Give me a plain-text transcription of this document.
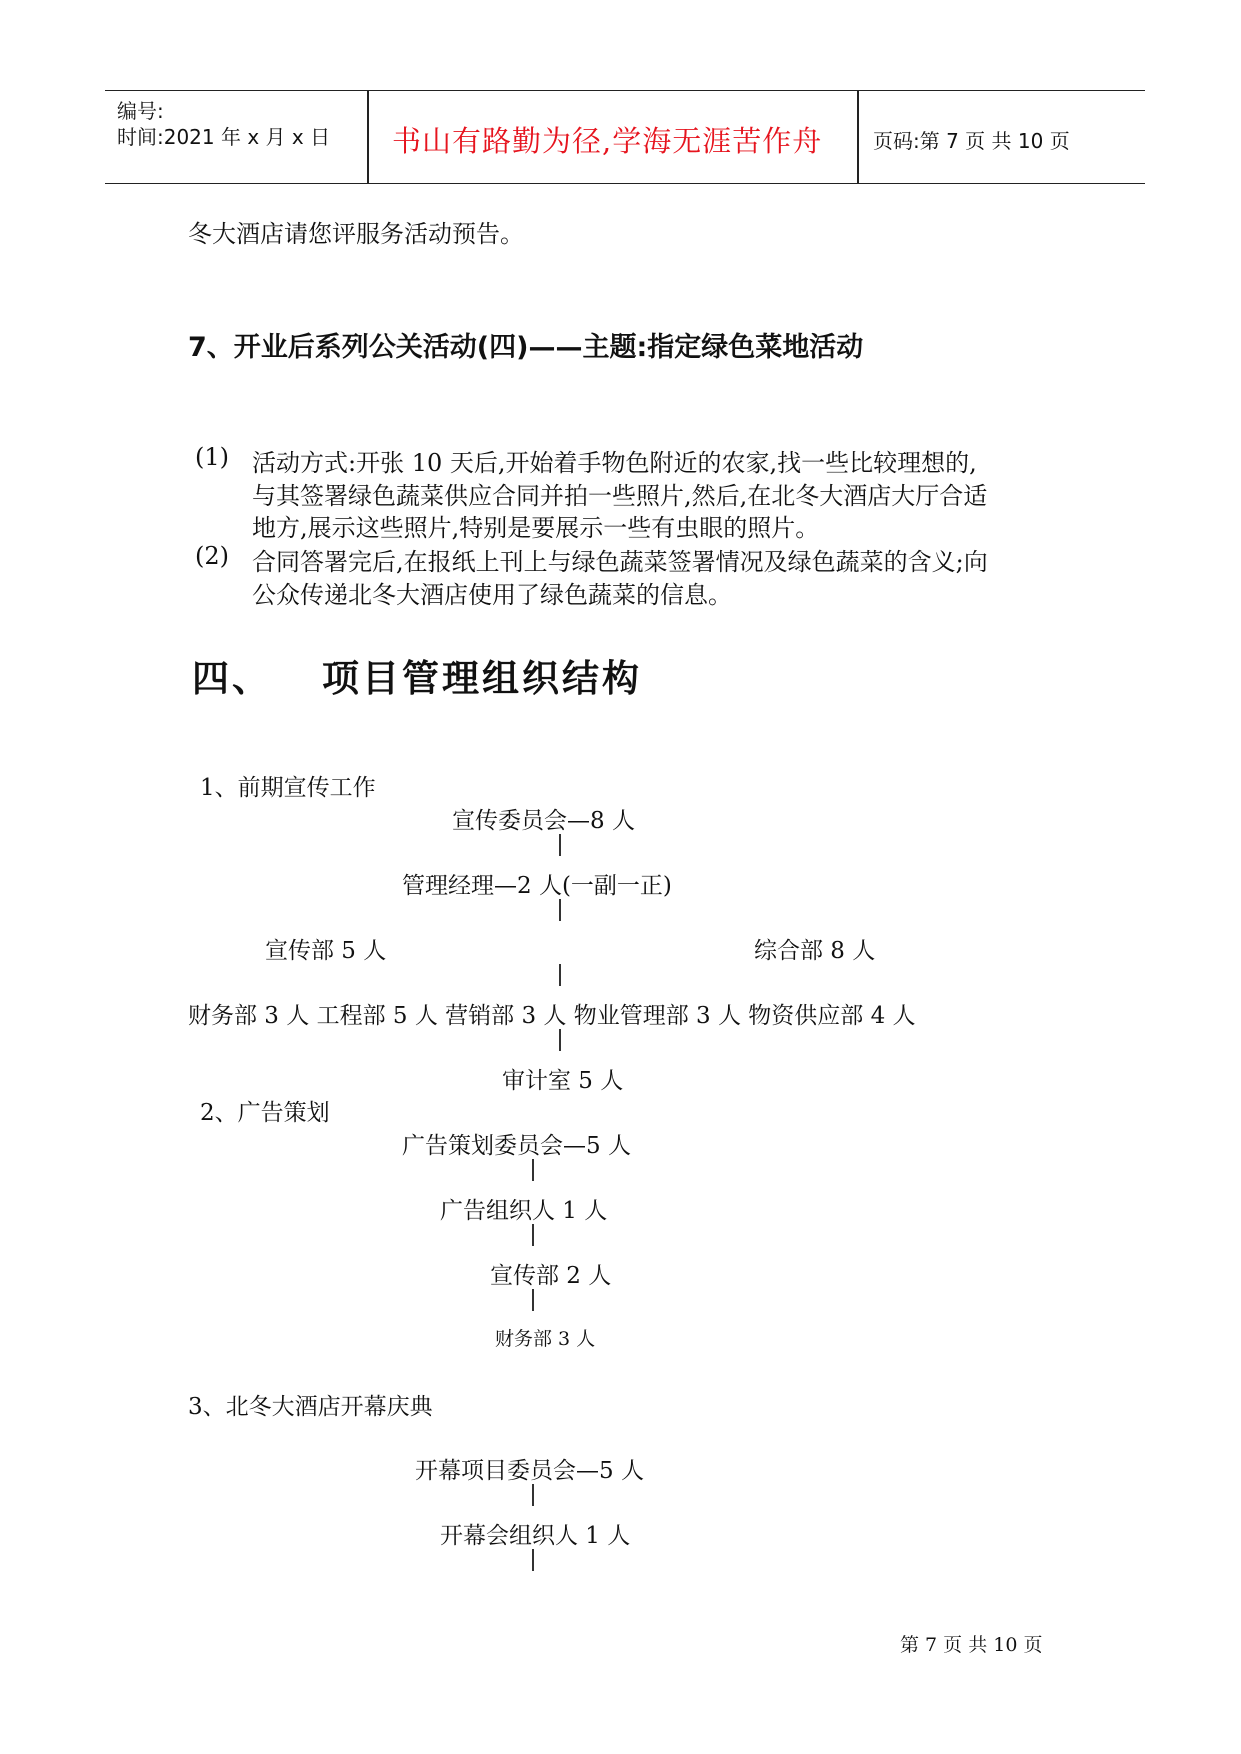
编号:
时间:2021 年 x 月 x 日 书山有路勤为径,学海无涯苦作舟	页码:第 7 页 共 10 页
冬大酒店请您评服务活动预告。
7、开业后系列公关活动(四)——主题:指定绿色菜地活动
(1) 活动方式:开张 10 天后,开始着手物色附近的农家,找一些比较理想的,
与其签署绿色蔬菜供应合同并拍一些照片,然后,在北冬大酒店大厅合适
地方,展示这些照片,特别是要展示一些有虫眼的照片。
(2) 合同答署完后,在报纸上刊上与绿色蔬菜签署情况及绿色蔬菜的含义;向
公众传递北冬大酒店使用了绿色蔬菜的信息。
四、 项目管理组织结构
1、前期宣传工作
宣传委员会—8 人
管理经理—2 人(一副一正)
宣传部 5 人	综合部 8 人
财务部 3 人 工程部 5 人 营销部 3 人 物业管理部 3 人 物资供应部 4 人
审计室 5 人
2、广告策划
广告策划委员会—5 人
广告组织人 1 人
宣传部 2 人
财务部 3 人
3、北冬大酒店开幕庆典
开幕项目委员会—5 人
开幕会组织人 1 人
第 7 页 共 10 页
